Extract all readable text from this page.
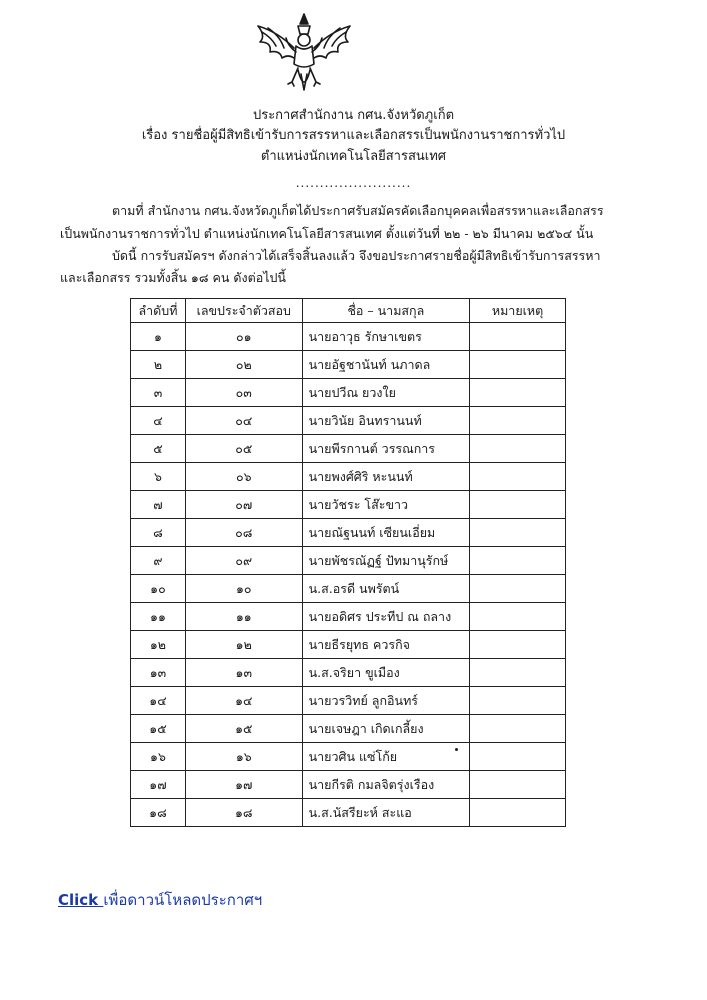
ประกาศสำนักงาน กศน.จังหวัดภูเก็ต
เรื่อง รายชื่อผู้มีสิทธิเข้ารับการสรรหาและเลือกสรรเป็นพนักงานราชการทั่วไป
ตำแหน่งนักเทคโนโลยีสารสนเทศ
........................
ตามที่ สำนักงาน กศน.จังหวัดภูเก็ตได้ประกาศรับสมัครคัดเลือกบุคคลเพื่อสรรหาและเลือกสรร
เป็นพนักงานราชการทั่วไป ตำแหน่งนักเทคโนโลยีสารสนเทศ ตั้งแต่วันที่ ๒๒ - ๒๖ มีนาคม ๒๕๖๔ นั้น
บัดนี้ การรับสมัครฯ ดังกล่าวได้เสร็จสิ้นลงแล้ว จึงขอประกาศรายชื่อผู้มีสิทธิเข้ารับการสรรหา
และเลือกสรร รวมทั้งสิ้น ๑๘ คน ดังต่อไปนี้
ลำดับที่	เลขประจำตัวสอบ	ชื่อ – นามสกุล	หมายเหตุ
๑	๐๑	นายอาวุธ รักษาเขตร	
๒	๐๒	นายอัฐชานันท์ นภาดล	
๓	๐๓	นายปวีณ ยวงใย	
๔	๐๔	นายวินัย อินทรานนท์	
๕	๐๕	นายพีรกานต์ วรรณการ	
๖	๐๖	นายพงศ์ศิริ หะนนท์	
๗	๐๗	นายวัชระ โส๊ะขาว	
๘	๐๘	นายณัฐนนท์ เซียนเอี่ยม	
๙	๐๙	นายพัชรณัฏฐ์ ปัทมานุรักษ์	
๑๐	๑๐	น.ส.อรดี นพรัตน์	
๑๑	๑๑	นายอดิศร ประทีป ณ ถลาง	
๑๒	๑๒	นายธีรยุทธ ควรกิจ	
๑๓	๑๓	น.ส.จริยา ขูเมือง	
๑๔	๑๔	นายวรวิทย์ ลูกอินทร์	
๑๕	๑๕	นายเจษฎา เกิดเกลี้ยง	
๑๖	๑๖	นายวศิน แซ่โก้ย	
๑๗	๑๗	นายกีรติ กมลจิตรุ่งเรือง	
๑๘	๑๘	น.ส.นัสรียะห์ สะแอ	
Click เพื่อดาวน์โหลดประกาศฯ
